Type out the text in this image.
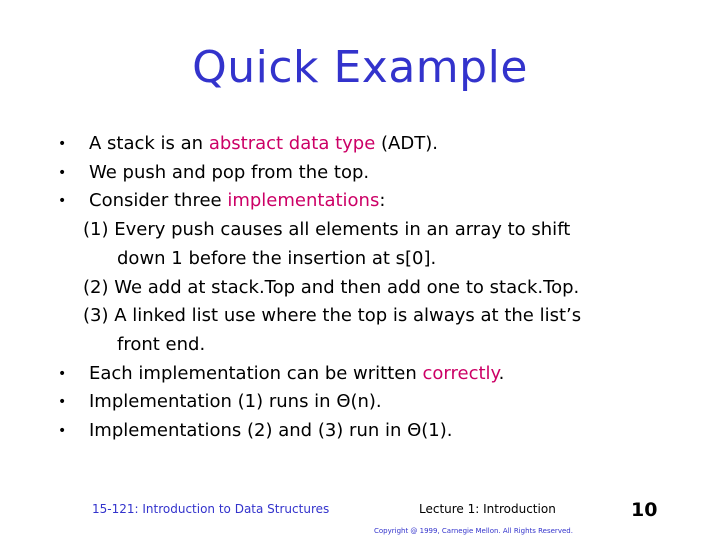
Quick Example
• A stack is an abstract data type (ADT).
• We push and pop from the top.
• Consider three implementations:
(1) Every push causes all elements in an array to shift
down 1 before the insertion at s[0].
(2) We add at stack.Top and then add one to stack.Top.
(3) A linked list use where the top is always at the list’s
front end.
• Each implementation can be written correctly.
• Implementation (1) runs in Θ(n).
• Implementations (2) and (3) run in Θ(1).
15-121: Introduction to Data Structures	Lecture 1: Introduction	10
Copyright @ 1999, Carnegie Mellon. All Rights Reserved.
